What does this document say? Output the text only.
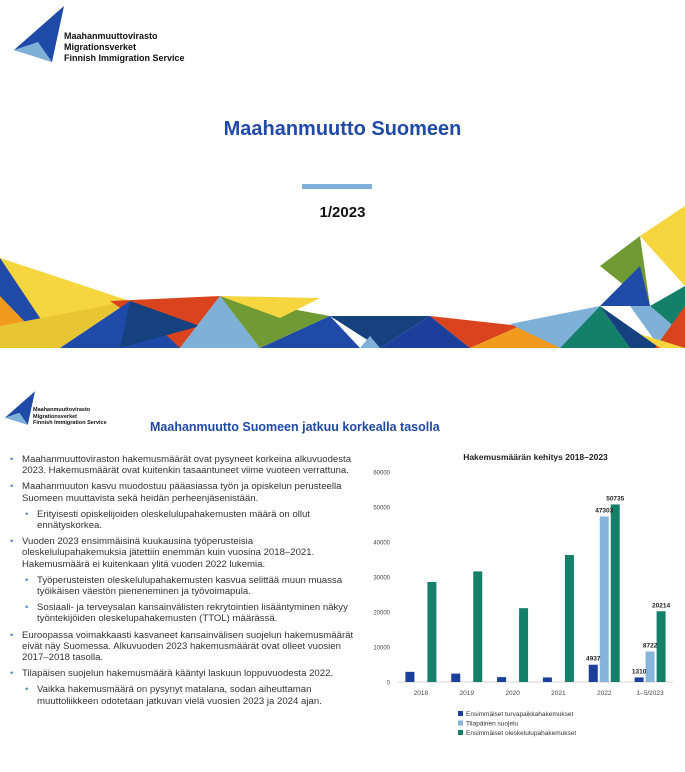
Maahanmuuttovirasto
Migrationsverket
Finnish Immigration Service
Maahanmuutto Suomeen
1/2023
Maahanmuuttovirasto
Migrationsverket
Finnish Immigration Service	Maahanmuutto Suomeen jatkuu korkealla tasolla
• Maahanmuuttoviraston hakemusmäärät ovat pysyneet korkeina alkuvuodesta 2023. Hakemusmäärät ovat kuitenkin tasaantuneet viime vuoteen verrattuna.
• Maahanmuuton kasvu muodostuu pääasiassa työn ja opiskelun perusteella Suomeen muuttavista sekä heidän perheenjäsenistään.
• Erityisesti opiskelijoiden oleskelulupahakemusten määrä on ollut ennätyskorkea.
• Vuoden 2023 ensimmäisinä kuukausina työperusteisia oleskelulupahakemuksia jätettiin enemmän kuin vuosina 2018–2021. Hakemusmäärä ei kuitenkaan ylitä vuoden 2022 lukemia.
• Työperusteisten oleskelulupahakemusten kasvua selittää muun muassa työikäisen väestön pieneneminen ja työvoimapula.
• Sosiaali- ja terveysalan kansainvälisten rekrytointien lisääntyminen näkyy työntekijöiden oleskelupahakemusten (TTOL) määrässä.
• Euroopassa voimakkaasti kasvaneet kansainvälisen suojelun hakemusmäärät eivät näy Suomessa. Alkuvuoden 2023 hakemusmäärät ovat olleet vuosien 2017–2018 tasolla.
• Tilapäisen suojelun hakemusmäärä kääntyi laskuun loppuvuodesta 2022.
• Vaikka hakemusmäärä on pysynyt matalana, sodan aiheuttaman muuttoliikkeen odotetaan jatkuvan vielä vuosien 2023 ja 2024 ajan.
Hakemusmäärän kehitys 2018–2023
0
10000
20000
30000
40000
50000
60000
2018	2019	2020	2021	2022	1–5/2023
4937
47303
50735
1310
8722
20214
Ensimmäiset turvapaikkahakemukset
Tilapäinen suojelu
Ensimmäiset oleskelulupahakemukset
